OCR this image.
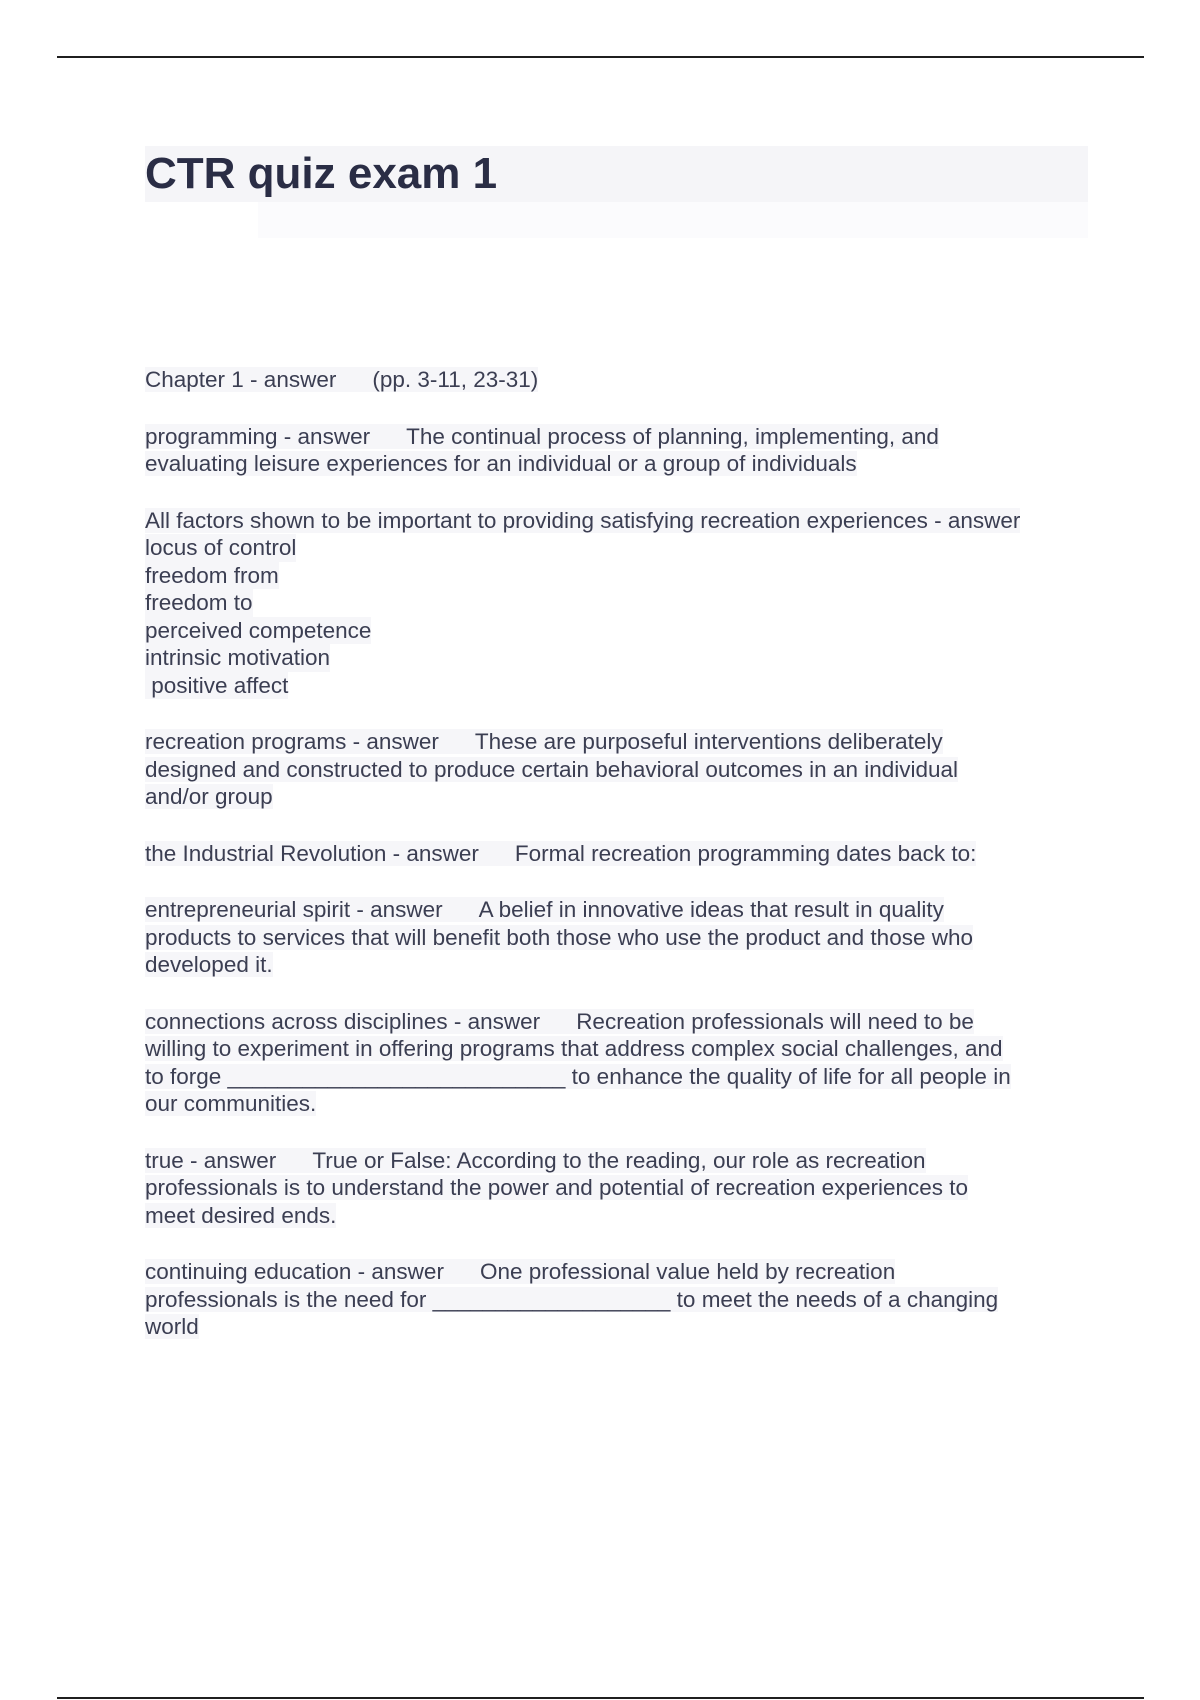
CTR quiz exam 1

Chapter 1 - answer (pp. 3-11, 23-31)

programming - answer The continual process of planning, implementing, and

evaluating leisure experiences for an individual or a group of individuals

All factors shown to be important to providing satisfying recreation experiences - answer

locus of control
freedom from
freedom to
perceived competence
intrinsic motivation
positive affect

recreation programs - answer These are purposeful interventions deliberately

designed and constructed to produce certain behavioral outcomes in an individual

and/or group

the Industrial Revolution - answer Formal recreation programming dates back to:

entrepreneurial spirit - answer A belief in innovative ideas that result in quality

products to services that will benefit both those who use the product and those who

developed it.

connections across disciplines - answer Recreation professionals will need to be

willing to experiment in offering programs that address complex social challenges, and

to forge ___________________________ to enhance the quality of life for all people in

our communities.

true - answer True or False: According to the reading, our role as recreation

professionals is to understand the power and potential of recreation experiences to

meet desired ends.

continuing education - answer One professional value held by recreation

professionals is the need for ___________________ to meet the needs of a changing

world
